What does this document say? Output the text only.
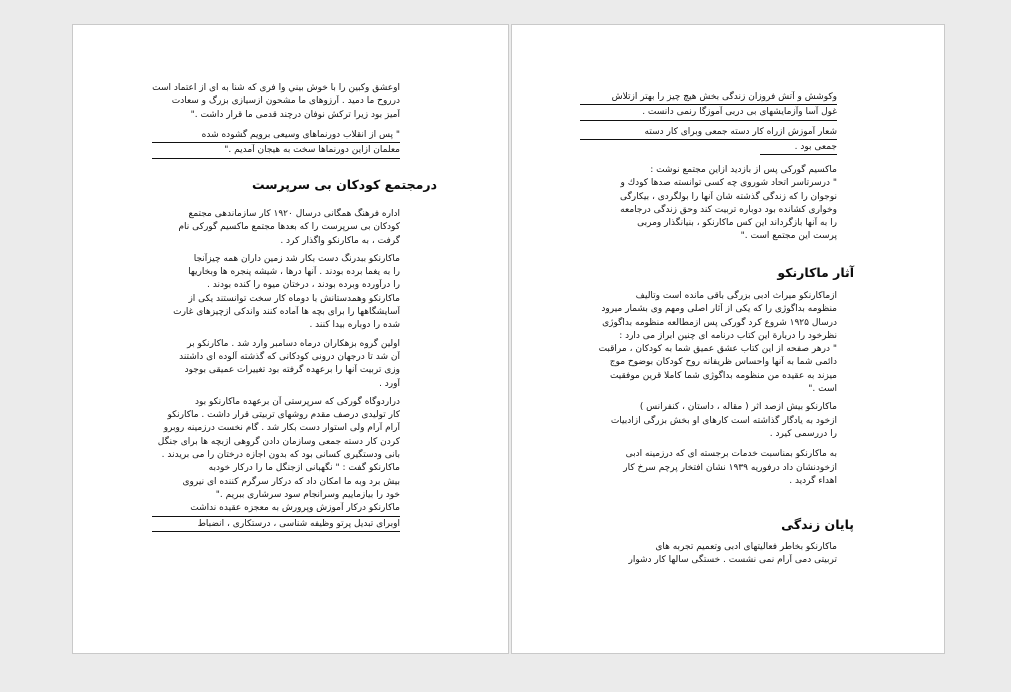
اوعشق وكبين را با خوش بيني وا فرى كه شنا به اى از اعتماد است
درروح ما دميد . آرزوهاى ما مشحون ازسيازى بزرگ و سعادت
آميز بود زيرا تركش نوفان درچند قدمى ما قرار داشت ."
" پس از انقلاب دورنماهاى وسيعى برويم گشوده شده
معلمان ازاين دورنماها سخت به هيجان آمديم ."
درمجتمع كودكان بى سرپرست
اداره فرهنگ همگانى درسال ۱۹۲۰ كار سازماندهى مجتمع
كودكان بى سرپرست را كه بعدها مجتمع ماكسيم گوركى نام
گرفت ، به ماكارنكو واگذار كرد .
ماكارنكو ببدرنگ دست بكار شد زمين داران همه چيزآنجا
را به يغما برده بودند . آنها درها ، شيشه پنجره ها وبخاريها
را درآورده وبرده بودند ، درختان ميوه را كنده بودند .
ماكارنكو وهمدستانش با دوماه كار سخت توانستند يكى از
آسايشگاهها را براى بچه ها آماده كنند واندكى ازچيزهاى غارت
شده را دوباره بيدا كنند .
اولين گروه بزهكاران درماه دسامبر وارد شد . ماكارنكو بر
آن شد تا درجهان درونى كودكانى كه گذشته آلوده اى داشتند
وزى تربيت آنها را برعهده گرفته بود تغييرات عميقى بوجود
آورد .
دراردوگاه گوركى كه سرپرستى آن برعهده ماكارنكو بود
كار توليدى درصف مقدم روشهاى تربيتى قرار داشت . ماكارنكو
آرام آرام ولى استوار دست بكار شد . گام نخست درزمينه روبرو
كردن كار دسته جمعى وسازمان دادن گروهى ازبچه ها براى جنگل
بانى ودستگيرى كسانى بود كه بدون اجازه درختان را مى بريدند .
ماكارنكو گفت : " نگهبانى ازجنگل ما را دركار خودبه
بيش برد وبه ما امكان داد كه دركار سرگرم كننده اى نيروى
خود را بيازماييم وسرانجام سود سرشارى ببريم ."
ماكارنكو دركار آموزش وپرورش به معجزه عقيده نداشت
اوبراى تبديل پرتو وظيفه شناسى ، درستكارى ، انضباط
وكوشش و آتش فروزان زندگى بخش هيچ چيز را بهتر ازتلاش
غول آسا وآزمايشهاى بى دربى آموزگا رنمى دانست .
شعار آموزش ازراه كار دسته جمعى وبراى كار دسته
جمعى بود .
ماكسيم گوركى پس از بازديد ازاين مجتمع نوشت :
" درسرتاسر اتحاد شوروى چه كسى توانسته صدها كودك و
نوجوان را كه زندگى گذشته شان آنها را بولگردى ، بيكارگى
وخوارى كشانده بود دوباره تربيت كند وحق زندگى درجامعه
را به آنها بازگرداند اين كس ماكارنكو ، بنيانگذار ومربى
پرست اين مجتمع است ."
آثار ماكارنكو
ازماكارنكو ميراث ادبى بزرگى باقى مانده است وتاليف
منظومه بداگوژى را كه يكى از آثار اصلى ومهم وى بشمار ميرود
درسال ۱۹۲۵ شروع كرد گوركى پس ازمطالعه منظومه بداگوژى
نظرخود را دربارة اين كتاب درنامه اى چنين ابراز مى دارد :
" درهر صفحه از اين كتاب عشق عميق شما به كودكان ، مراقبت
دائمى شما به آنها واحساس ظريفانه روح كودكان بوضوح موج
ميزند به عقيده من منظومه بداگوژى شما كاملا قرين موفقيت
است ."
ماكارنكو بيش ازصد اثر ( مقاله ، داستان ، كنفرانس )
ازخود به يادگار گذاشته است كارهاى او بخش بزرگى ازادبيات
را دررسمى كيرد .
به ماكارنكو بمناسبت خدمات برجسته اى كه درزمينه ادبى
ازخودنشان داد درفوريه ۱۹۳۹ نشان افتخار پرچم سرخ كار
اهداء گرديد .
پايان زندگى
ماكارنكو بخاطر فعاليتهاى ادبى وتعميم تجربه هاى
تربيتى دمى آرام نمى نشست . خستگى سالها كار دشوار
